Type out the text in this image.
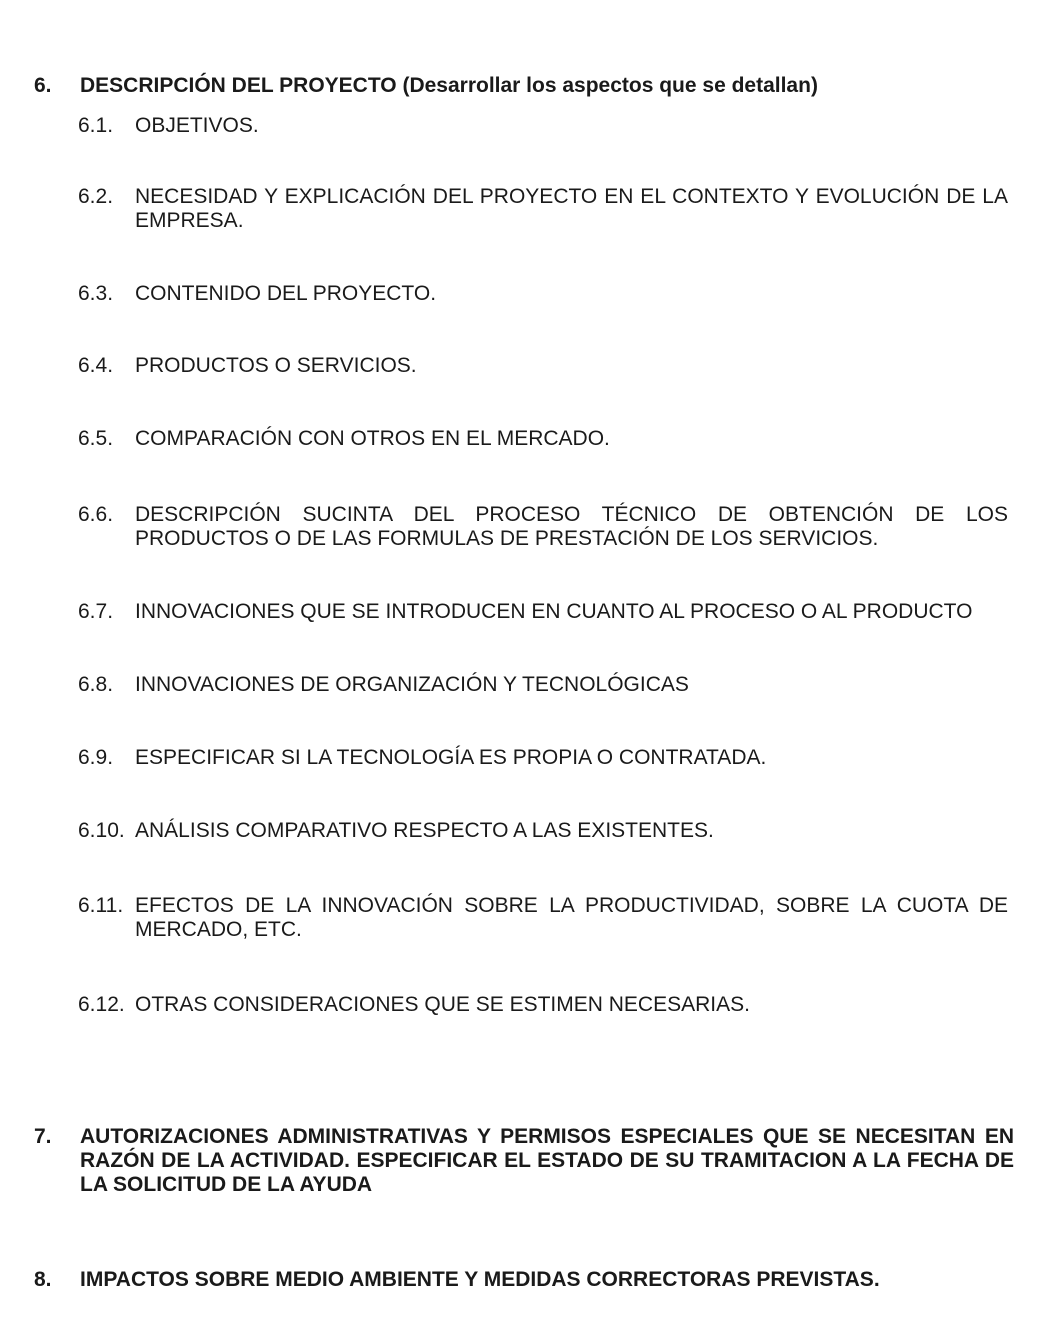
6.	DESCRIPCIÓN DEL PROYECTO (Desarrollar los aspectos que se detallan)
6.1.	OBJETIVOS.
6.2.	NECESIDAD Y EXPLICACIÓN DEL PROYECTO EN EL CONTEXTO Y EVOLUCIÓN DE LA EMPRESA.
6.3.	CONTENIDO DEL PROYECTO.
6.4.	PRODUCTOS O SERVICIOS.
6.5.	COMPARACIÓN CON OTROS EN EL MERCADO.
6.6.	DESCRIPCIÓN SUCINTA DEL PROCESO TÉCNICO DE OBTENCIÓN DE LOS PRODUCTOS O DE LAS FORMULAS DE PRESTACIÓN DE LOS SERVICIOS.
6.7.	INNOVACIONES QUE SE INTRODUCEN EN CUANTO AL PROCESO O AL PRODUCTO
6.8.	INNOVACIONES DE ORGANIZACIÓN Y TECNOLÓGICAS
6.9.	ESPECIFICAR SI LA TECNOLOGÍA ES PROPIA O CONTRATADA.
6.10. ANÁLISIS COMPARATIVO RESPECTO A LAS EXISTENTES.
6.11. EFECTOS DE LA INNOVACIÓN SOBRE LA PRODUCTIVIDAD, SOBRE LA CUOTA DE MERCADO, ETC.
6.12. OTRAS CONSIDERACIONES QUE SE ESTIMEN NECESARIAS.
7.	AUTORIZACIONES ADMINISTRATIVAS Y PERMISOS ESPECIALES QUE SE NECESITAN EN RAZÓN DE LA ACTIVIDAD. ESPECIFICAR EL ESTADO DE SU TRAMITACION A LA FECHA DE LA SOLICITUD DE LA AYUDA
8.	IMPACTOS SOBRE MEDIO AMBIENTE Y MEDIDAS CORRECTORAS PREVISTAS.
